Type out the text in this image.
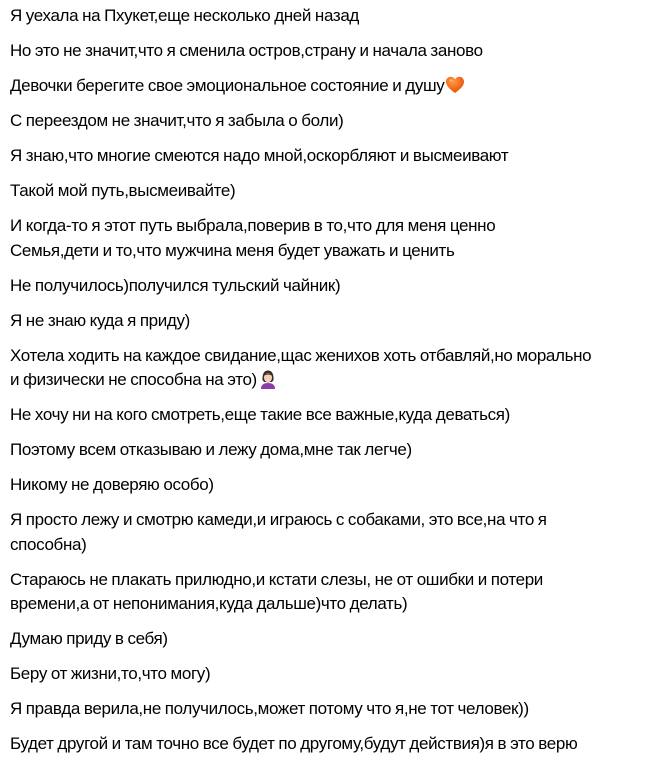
Я уехала на Пхукет,еще несколько дней назад

Но это не значит,что я сменила остров,страну и начала заново

Девочки берегите свое эмоциональное состояние и душу

С переездом не значит,что я забыла о боли)

Я знаю,что многие смеются надо мной,оскорбляют и высмеивают

Такой мой путь,высмеивайте)

И когда-то я этот путь выбрала,поверив в то,что для меня ценно
Семья,дети и то,что мужчина меня будет уважать и ценить

Не получилось)получился тульский чайник)

Я не знаю куда я приду)

Хотела ходить на каждое свидание,щас женихов хоть отбавляй,но морально
и физически не способна на это)

Не хочу ни на кого смотреть,еще такие все важные,куда деваться)

Поэтому всем отказываю и лежу дома,мне так легче)

Никому не доверяю особо)

Я просто лежу и смотрю камеди,и играюсь с собаками, это все,на что я
способна)

Стараюсь не плакать прилюдно,и кстати слезы, не от ошибки и потери
времени,а от непонимания,куда дальше)что делать)

Думаю приду в себя)

Беру от жизни,то,что могу)

Я правда верила,не получилось,может потому что я,не тот человек))

Будет другой и там точно все будет по другому,будут действия)я в это верю
